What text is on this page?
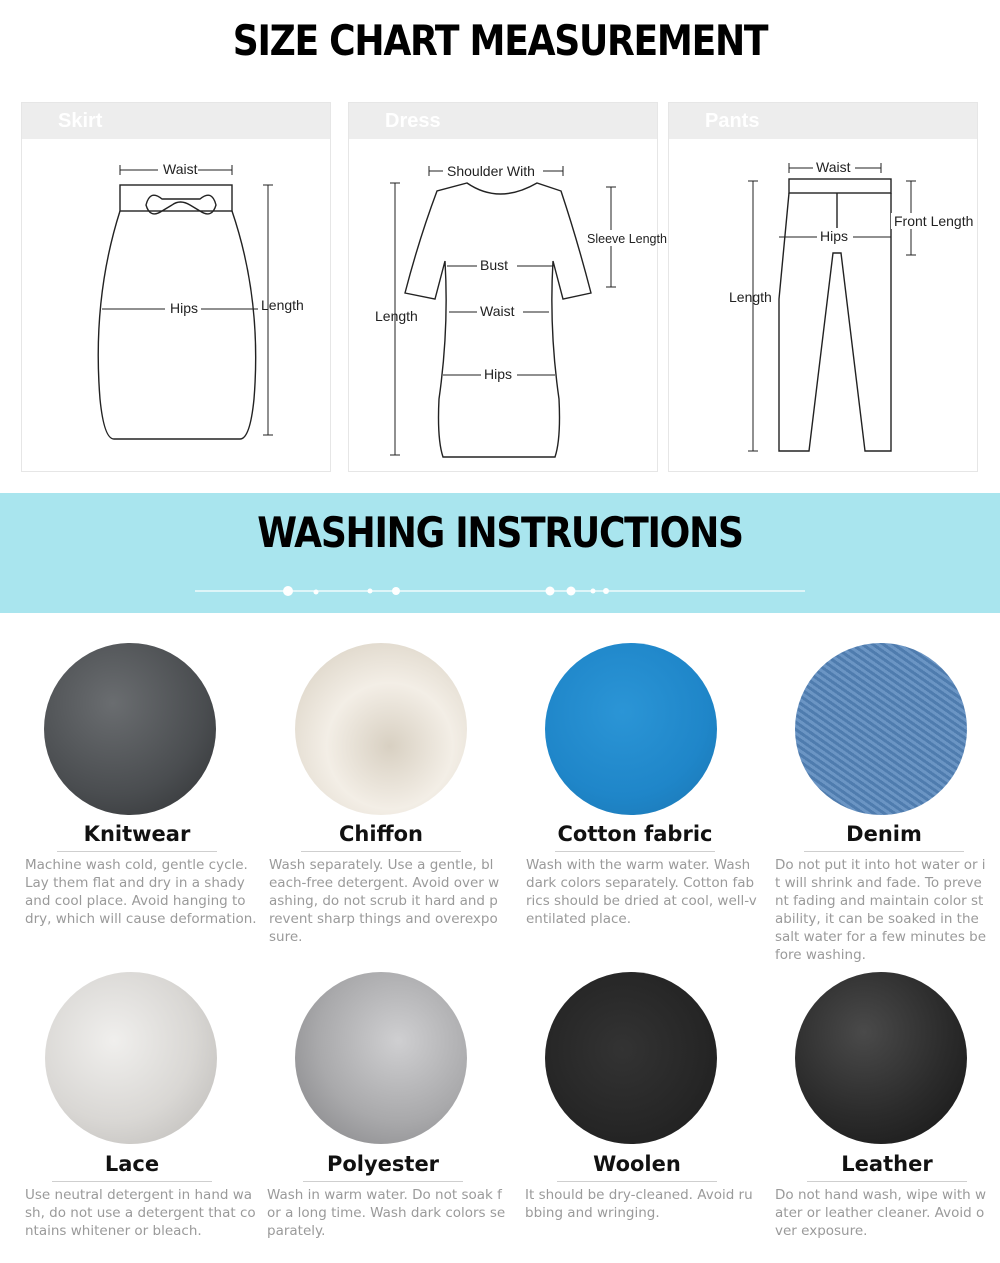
SIZE CHART MEASUREMENT
Skirt
Waist
Hips	Length
Dress
Shoulder With
Sleeve Length
Bust
Waist
Hips
Length
Pants
Waist
Hips
Front Length
Length
WASHING INSTRUCTIONS
Knitwear
Machine wash cold, gentle cycle. Lay them flat and dry in a shady and cool place. Avoid hanging to dry, which will cause deformation.
Chiffon
Wash separately. Use a gentle, bleach-free detergent. Avoid over washing, do not scrub it hard and prevent sharp things and overexposure.
Cotton fabric
Wash with the warm water. Wash dark colors separately. Cotton fabrics should be dried at cool, well-ventilated place.
Denim
Do not put it into hot water or it will shrink and fade. To prevent fading and maintain color stability, it can be soaked in the salt water for a few minutes before washing.
Lace
Use neutral detergent in hand wash, do not use a detergent that contains whitener or bleach.
Polyester
Wash in warm water. Do not soak for a long time. Wash dark colors separately.
Woolen
It should be dry-cleaned. Avoid rubbing and wringing.
Leather
Do not hand wash, wipe with water or leather cleaner. Avoid over exposure.
